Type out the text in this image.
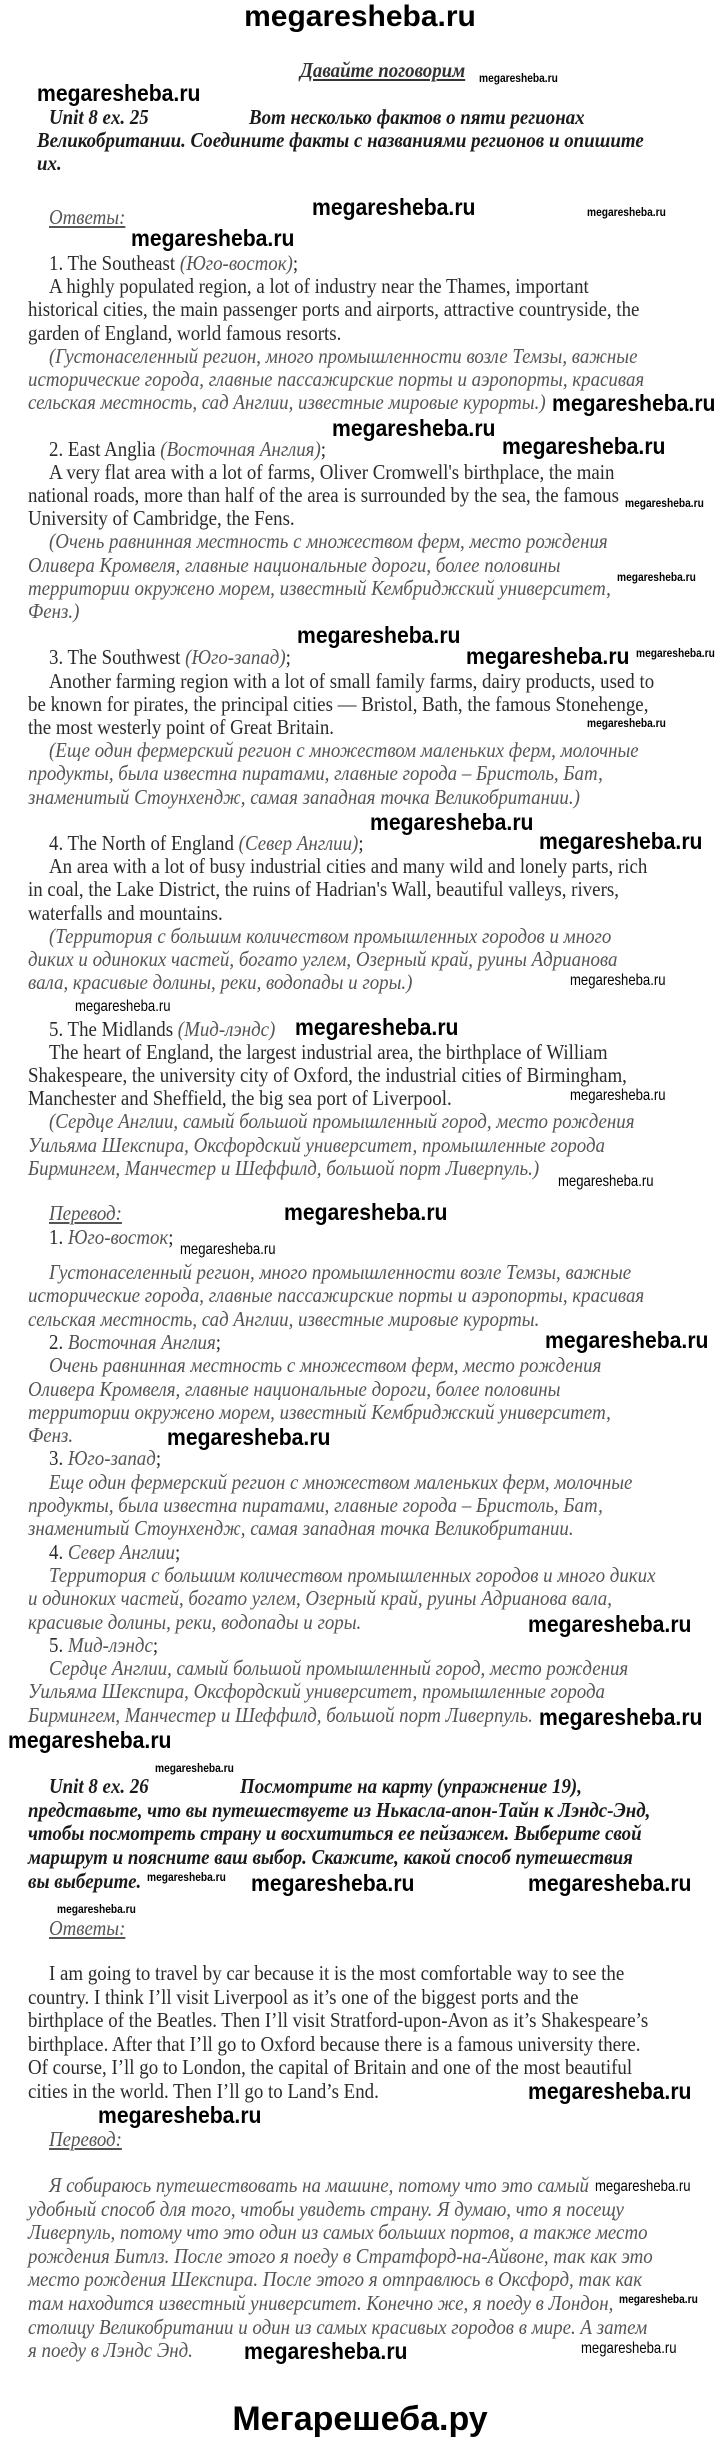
megaresheba.ru
Мегарешеба.ру
Давайте поговорим
Unit 8 ex. 25	Вот несколько фактов о пяти регионах
Великобритании. Соедините факты с названиями регионов и опишите
их.
Ответы:
1. The Southeast (Юго-восток);
A highly populated region, a lot of industry near the Thames, important
historical cities, the main passenger ports and airports, attractive countryside, the
garden of England, world famous resorts.
(Густонаселенный регион, много промышленности возле Темзы, важные
исторические города, главные пассажирские порты и аэропорты, красивая
сельская местность, сад Англии, известные мировые курорты.)
2. East Anglia (Восточная Англия);
A very flat area with a lot of farms, Oliver Cromwell's birthplace, the main
national roads, more than half of the area is surrounded by the sea, the famous
University of Cambridge, the Fens.
(Очень равнинная местность с множеством ферм, место рождения
Оливера Кромвеля, главные национальные дороги, более половины
территории окружено морем, известный Кембриджский университет,
Фенз.)
3. The Southwest (Юго-запад);
Another farming region with a lot of small family farms, dairy products, used to
be known for pirates, the principal cities — Bristol, Bath, the famous Stonehenge,
the most westerly point of Great Britain.
(Еще один фермерский регион с множеством маленьких ферм, молочные
продукты, была известна пиратами, главные города – Бристоль, Бат,
знаменитый Стоунхендж, самая западная точка Великобритании.)
4. The North of England (Север Англии);
An area with a lot of busy industrial cities and many wild and lonely parts, rich
in coal, the Lake District, the ruins of Hadrian's Wall, beautiful valleys, rivers,
waterfalls and mountains.
(Территория с большим количеством промышленных городов и много
диких и одиноких частей, богато углем, Озерный край, руины Адрианова
вала, красивые долины, реки, водопады и горы.)
5. The Midlands (Мид-лэндс)
The heart of England, the largest industrial area, the birthplace of William
Shakespeare, the university city of Oxford, the industrial cities of Birmingham,
Manchester and Sheffield, the big sea port of Liverpool.
(Сердце Англии, самый большой промышленный город, место рождения
Уильяма Шекспира, Оксфордский университет, промышленные города
Бирмингем, Манчестер и Шеффилд, большой порт Ливерпуль.)
Перевод:
1. Юго-восток;
Густонаселенный регион, много промышленности возле Темзы, важные
исторические города, главные пассажирские порты и аэропорты, красивая
сельская местность, сад Англии, известные мировые курорты.
2. Восточная Англия;
Очень равнинная местность с множеством ферм, место рождения
Оливера Кромвеля, главные национальные дороги, более половины
территории окружено морем, известный Кембриджский университет,
Фенз.
3. Юго-запад;
Еще один фермерский регион с множеством маленьких ферм, молочные
продукты, была известна пиратами, главные города – Бристоль, Бат,
знаменитый Стоунхендж, самая западная точка Великобритании.
4. Север Англии;
Территория с большим количеством промышленных городов и много диких
и одиноких частей, богато углем, Озерный край, руины Адрианова вала,
красивые долины, реки, водопады и горы.
5. Мид-лэндс;
Сердце Англии, самый большой промышленный город, место рождения
Уильяма Шекспира, Оксфордский университет, промышленные города
Бирмингем, Манчестер и Шеффилд, большой порт Ливерпуль.
Unit 8 ex. 26	Посмотрите на карту (упражнение 19),
представьте, что вы путешествуете из Нькасла-апон-Тайн к Лэндс-Энд,
чтобы посмотреть страну и восхититься ее пейзажем. Выберите свой
маршрут и поясните ваш выбор. Скажите, какой способ путешествия
вы выберите.
Ответы:
I am going to travel by car because it is the most comfortable way to see the
country. I think I’ll visit Liverpool as it’s one of the biggest ports and the
birthplace of the Beatles. Then I’ll visit Stratford-upon-Avon as it’s Shakespeare’s
birthplace. After that I’ll go to Oxford because there is a famous university there.
Of course, I’ll go to London, the capital of Britain and one of the most beautiful
cities in the world. Then I’ll go to Land’s End.
Перевод:
Я собираюсь путешествовать на машине, потому что это самый
удобный способ для того, чтобы увидеть страну. Я думаю, что я посещу
Ливерпуль, потому что это один из самых больших портов, а также место
рождения Битлз. После этого я поеду в Стратфорд-на-Айвоне, так как это
место рождения Шекспира. После этого я отправлюсь в Оксфорд, так как
там находится известный университет. Конечно же, я поеду в Лондон,
столицу Великобритании и один из самых красивых городов в мире. А затем
я поеду в Лэндс Энд.
megaresheba.ru
megaresheba.ru
megaresheba.ru	megaresheba.ru
megaresheba.ru
megaresheba.ru
megaresheba.ru
megaresheba.ru
megaresheba.ru
megaresheba.ru
megaresheba.ru
megaresheba.ru megaresheba.ru
megaresheba.ru
megaresheba.ru
megaresheba.ru
megaresheba.ru
megaresheba.ru
megaresheba.ru
megaresheba.ru
megaresheba.ru
megaresheba.ru
megaresheba.ru
megaresheba.ru
megaresheba.ru
megaresheba.ru
megaresheba.ru
megaresheba.ru
megaresheba.ru
megaresheba.ru megaresheba.ru	megaresheba.ru
megaresheba.ru
megaresheba.ru
megaresheba.ru
megaresheba.ru
megaresheba.ru
megaresheba.ru	megaresheba.ru
